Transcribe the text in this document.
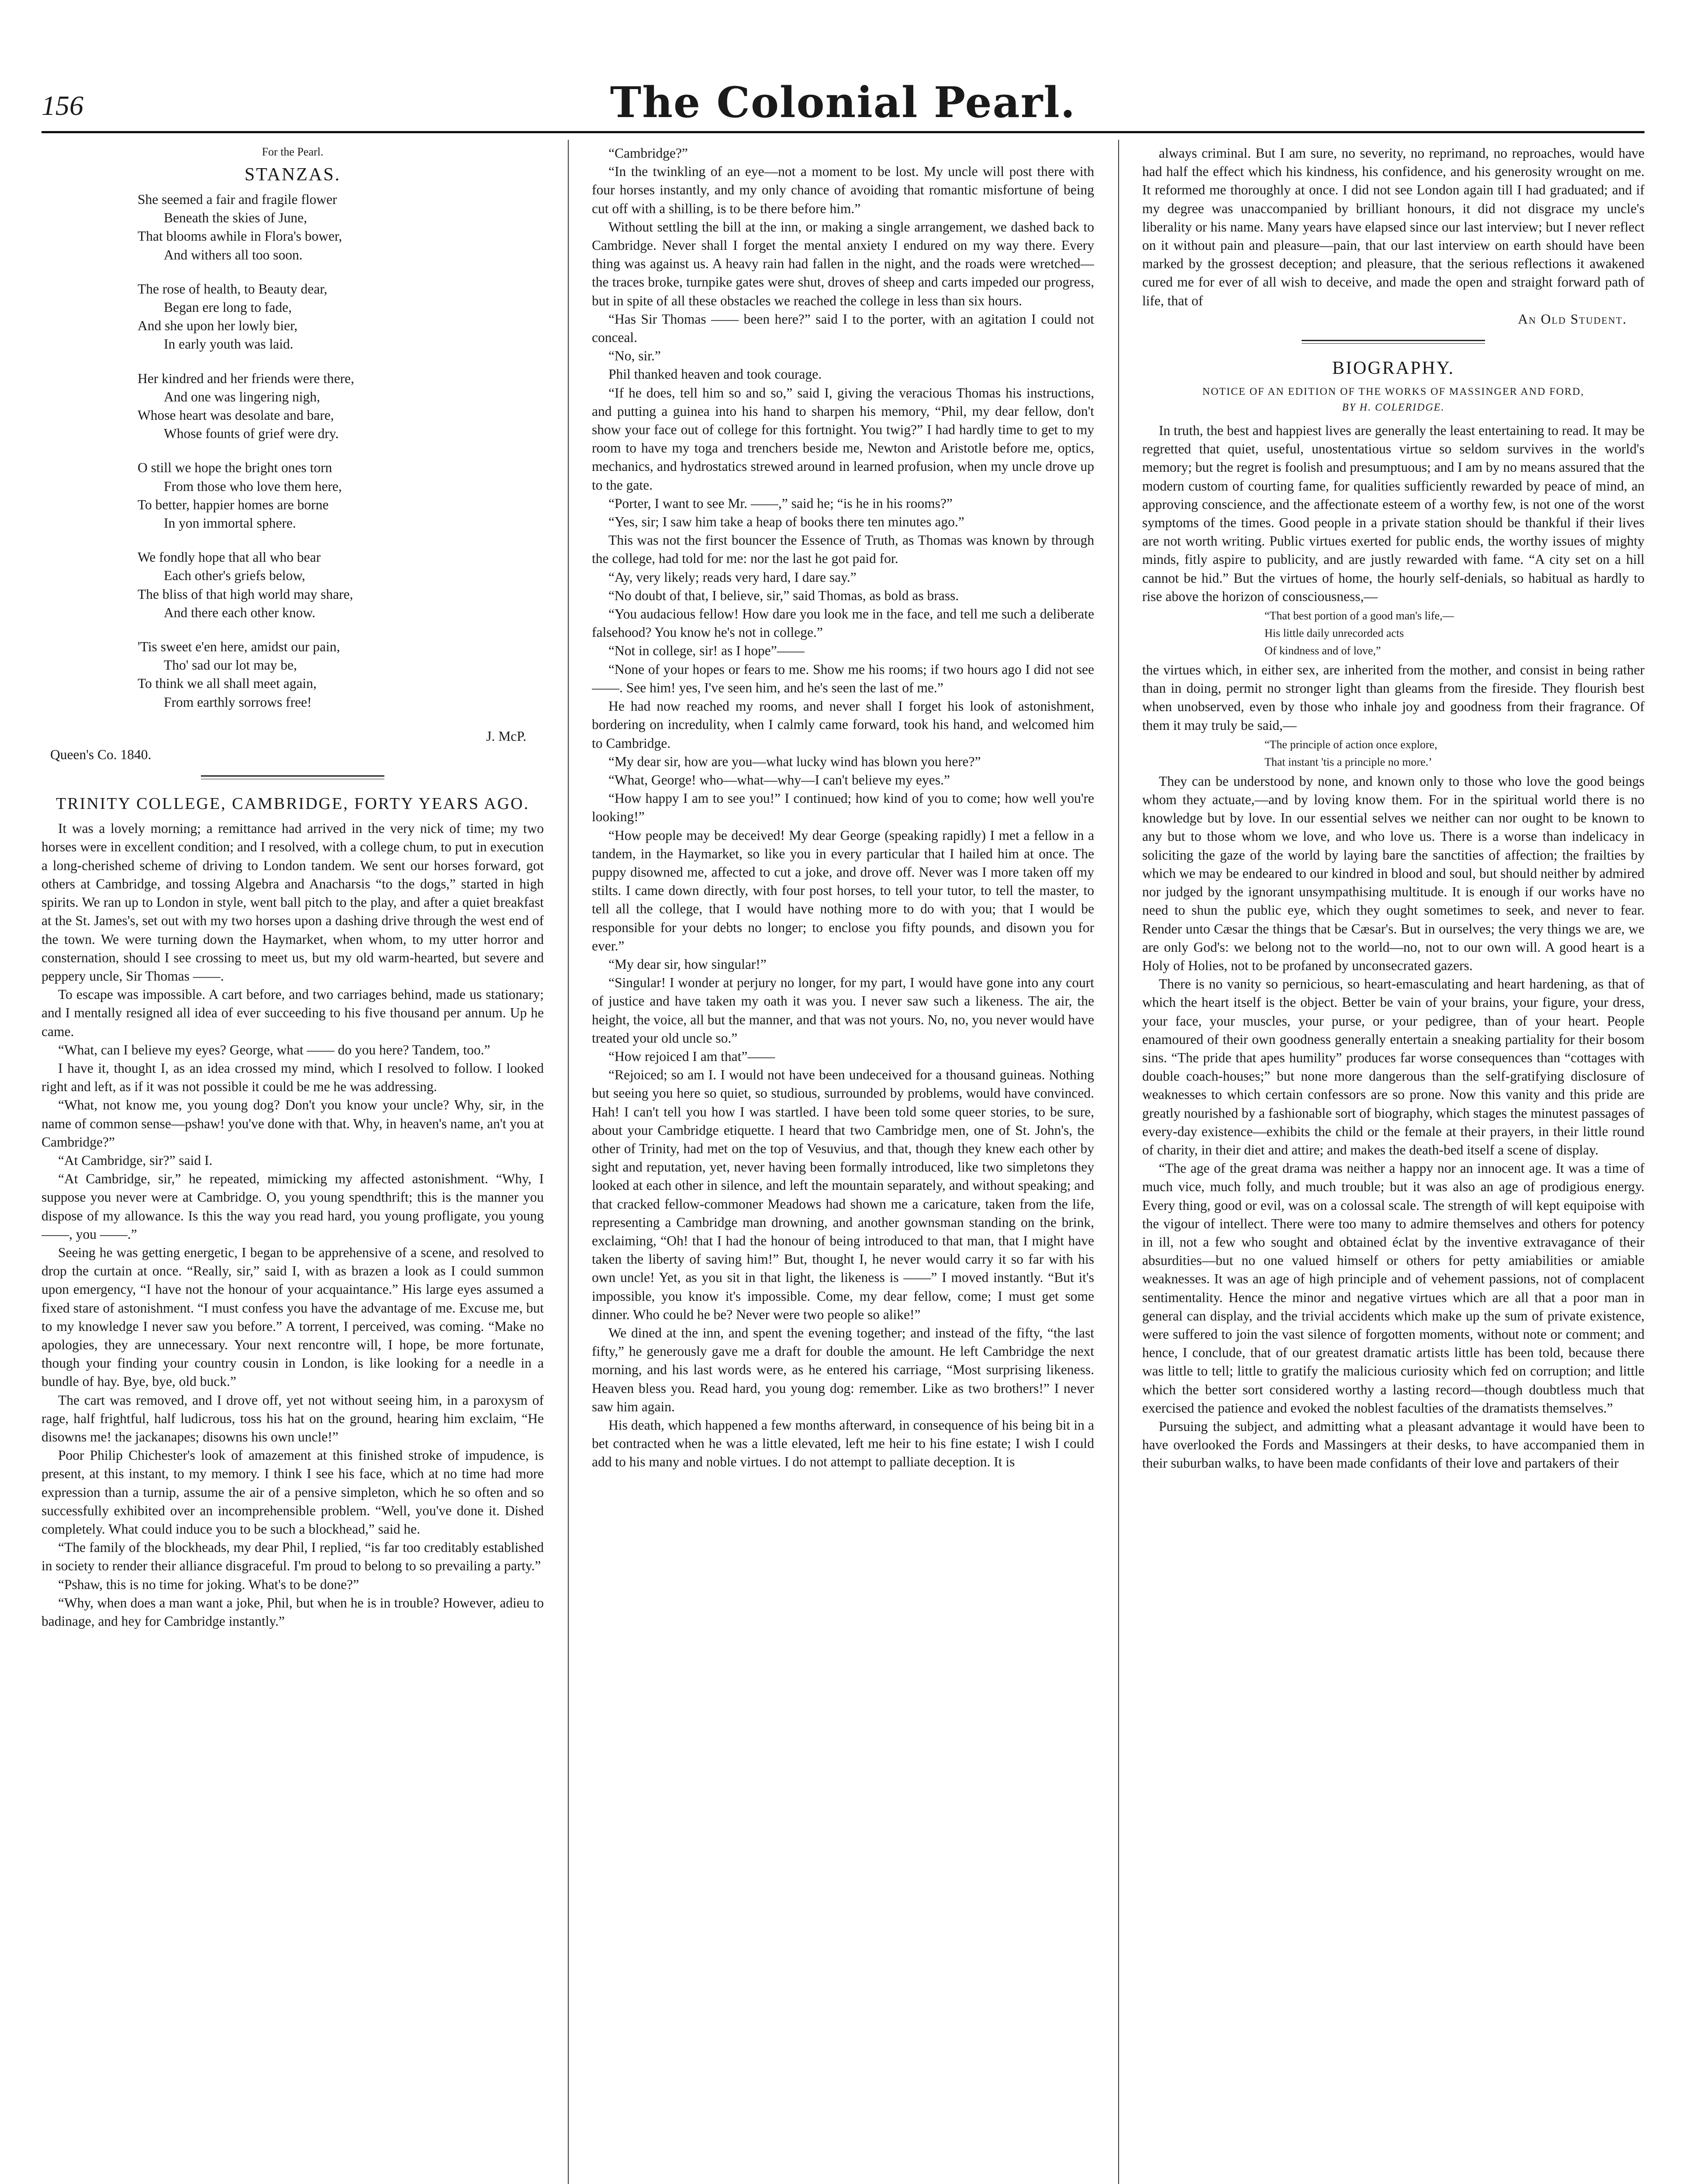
156	The Colonial Pearl.

For the Pearl.

STANZAS.
She seemed a fair and fragile flower
Beneath the skies of June,
That blooms awhile in Flora's bower,
And withers all too soon.
The rose of health, to Beauty dear,
Began ere long to fade,
And she upon her lowly bier,
In early youth was laid.
Her kindred and her friends were there,
And one was lingering nigh,
Whose heart was desolate and bare,
Whose founts of grief were dry.
O still we hope the bright ones torn
From those who love them here,
To better, happier homes are borne
In yon immortal sphere.
We fondly hope that all who bear
Each other's griefs below,
The bliss of that high world may share,
And there each other know.
'Tis sweet e'en here, amidst our pain,
Tho' sad our lot may be,
To think we all shall meet again,
From earthly sorrows free!

J. McP.

Queen's Co. 1840.

TRINITY COLLEGE, CAMBRIDGE, FORTY YEARS AGO.

It was a lovely morning; a remittance had arrived in the very nick of time; my two horses were in excellent condition; and I resolved, with a college chum, to put in execution a long-cherished scheme of driving to London tandem. We sent our horses forward, got others at Cambridge, and tossing Algebra and Anacharsis “to the dogs,” started in high spirits. We ran up to London in style, went ball pitch to the play, and after a quiet breakfast at the St. James's, set out with my two horses upon a dashing drive through the west end of the town. We were turning down the Haymarket, when whom, to my utter horror and consternation, should I see crossing to meet us, but my old warm-hearted, but severe and peppery uncle, Sir Thomas ——.

To escape was impossible. A cart before, and two carriages behind, made us stationary; and I mentally resigned all idea of ever succeeding to his five thousand per annum. Up he came.

“What, can I believe my eyes? George, what —— do you here? Tandem, too.”

I have it, thought I, as an idea crossed my mind, which I resolved to follow. I looked right and left, as if it was not possible it could be me he was addressing.

“What, not know me, you young dog? Don't you know your uncle? Why, sir, in the name of common sense—pshaw! you've done with that. Why, in heaven's name, an't you at Cambridge?”

“At Cambridge, sir?” said I.

“At Cambridge, sir,” he repeated, mimicking my affected astonishment. “Why, I suppose you never were at Cambridge. O, you young spendthrift; this is the manner you dispose of my allowance. Is this the way you read hard, you young profligate, you young ——, you ——.”

Seeing he was getting energetic, I began to be apprehensive of a scene, and resolved to drop the curtain at once. “Really, sir,” said I, with as brazen a look as I could summon upon emergency, “I have not the honour of your acquaintance.” His large eyes assumed a fixed stare of astonishment. “I must confess you have the advantage of me. Excuse me, but to my knowledge I never saw you before.” A torrent, I perceived, was coming. “Make no apologies, they are unnecessary. Your next rencontre will, I hope, be more fortunate, though your finding your country cousin in London, is like looking for a needle in a bundle of hay. Bye, bye, old buck.”

The cart was removed, and I drove off, yet not without seeing him, in a paroxysm of rage, half frightful, half ludicrous, toss his hat on the ground, hearing him exclaim, “He disowns me! the jackanapes; disowns his own uncle!”

Poor Philip Chichester's look of amazement at this finished stroke of impudence, is present, at this instant, to my memory. I think I see his face, which at no time had more expression than a turnip, assume the air of a pensive simpleton, which he so often and so successfully exhibited over an incomprehensible problem. “Well, you've done it. Dished completely. What could induce you to be such a blockhead,” said he.

“The family of the blockheads, my dear Phil, I replied, “is far too creditably established in society to render their alliance disgraceful. I'm proud to belong to so prevailing a party.”

“Pshaw, this is no time for joking. What's to be done?”

“Why, when does a man want a joke, Phil, but when he is in trouble? However, adieu to badinage, and hey for Cambridge instantly.”

“Cambridge?”

“In the twinkling of an eye—not a moment to be lost. My uncle will post there with four horses instantly, and my only chance of avoiding that romantic misfortune of being cut off with a shilling, is to be there before him.”

Without settling the bill at the inn, or making a single arrangement, we dashed back to Cambridge. Never shall I forget the mental anxiety I endured on my way there. Every thing was against us. A heavy rain had fallen in the night, and the roads were wretched—the traces broke, turnpike gates were shut, droves of sheep and carts impeded our progress, but in spite of all these obstacles we reached the college in less than six hours.

“Has Sir Thomas —— been here?” said I to the porter, with an agitation I could not conceal.

“No, sir.”

Phil thanked heaven and took courage.

“If he does, tell him so and so,” said I, giving the veracious Thomas his instructions, and putting a guinea into his hand to sharpen his memory, “Phil, my dear fellow, don't show your face out of college for this fortnight. You twig?” I had hardly time to get to my room to have my toga and trenchers beside me, Newton and Aristotle before me, optics, mechanics, and hydrostatics strewed around in learned profusion, when my uncle drove up to the gate.

“Porter, I want to see Mr. ——,” said he; “is he in his rooms?”

“Yes, sir; I saw him take a heap of books there ten minutes ago.”

This was not the first bouncer the Essence of Truth, as Thomas was known by through the college, had told for me: nor the last he got paid for.

“Ay, very likely; reads very hard, I dare say.”

“No doubt of that, I believe, sir,” said Thomas, as bold as brass.

“You audacious fellow! How dare you look me in the face, and tell me such a deliberate falsehood? You know he's not in college.”

“Not in college, sir! as I hope”——

“None of your hopes or fears to me. Show me his rooms; if two hours ago I did not see ——. See him! yes, I've seen him, and he's seen the last of me.”

He had now reached my rooms, and never shall I forget his look of astonishment, bordering on incredulity, when I calmly came forward, took his hand, and welcomed him to Cambridge.

“My dear sir, how are you—what lucky wind has blown you here?”

“What, George! who—what—why—I can't believe my eyes.”

“How happy I am to see you!” I continued; how kind of you to come; how well you're looking!”

“How people may be deceived! My dear George (speaking rapidly) I met a fellow in a tandem, in the Haymarket, so like you in every particular that I hailed him at once. The puppy disowned me, affected to cut a joke, and drove off. Never was I more taken off my stilts. I came down directly, with four post horses, to tell your tutor, to tell the master, to tell all the college, that I would have nothing more to do with you; that I would be responsible for your debts no longer; to enclose you fifty pounds, and disown you for ever.”

“My dear sir, how singular!”

“Singular! I wonder at perjury no longer, for my part, I would have gone into any court of justice and have taken my oath it was you. I never saw such a likeness. The air, the height, the voice, all but the manner, and that was not yours. No, no, you never would have treated your old uncle so.”

“How rejoiced I am that”——

“Rejoiced; so am I. I would not have been undeceived for a thousand guineas. Nothing but seeing you here so quiet, so studious, surrounded by problems, would have convinced. Hah! I can't tell you how I was startled. I have been told some queer stories, to be sure, about your Cambridge etiquette. I heard that two Cambridge men, one of St. John's, the other of Trinity, had met on the top of Vesuvius, and that, though they knew each other by sight and reputation, yet, never having been formally introduced, like two simpletons they looked at each other in silence, and left the mountain separately, and without speaking; and that cracked fellow-commoner Meadows had shown me a caricature, taken from the life, representing a Cambridge man drowning, and another gownsman standing on the brink, exclaiming, “Oh! that I had the honour of being introduced to that man, that I might have taken the liberty of saving him!” But, thought I, he never would carry it so far with his own uncle! Yet, as you sit in that light, the likeness is ——” I moved instantly. “But it's impossible, you know it's impossible. Come, my dear fellow, come; I must get some dinner. Who could he be? Never were two people so alike!”

We dined at the inn, and spent the evening together; and instead of the fifty, “the last fifty,” he generously gave me a draft for double the amount. He left Cambridge the next morning, and his last words were, as he entered his carriage, “Most surprising likeness. Heaven bless you. Read hard, you young dog: remember. Like as two brothers!” I never saw him again.

His death, which happened a few months afterward, in consequence of his being bit in a bet contracted when he was a little elevated, left me heir to his fine estate; I wish I could add to his many and noble virtues. I do not attempt to palliate deception. It is

always criminal. But I am sure, no severity, no reprimand, no reproaches, would have had half the effect which his kindness, his confidence, and his generosity wrought on me. It reformed me thoroughly at once. I did not see London again till I had graduated; and if my degree was unaccompanied by brilliant honours, it did not disgrace my uncle's liberality or his name. Many years have elapsed since our last interview; but I never reflect on it without pain and pleasure—pain, that our last interview on earth should have been marked by the grossest deception; and pleasure, that the serious reflections it awakened cured me for ever of all wish to deceive, and made the open and straight forward path of life, that of

An Old Student.

BIOGRAPHY.
NOTICE OF AN EDITION OF THE WORKS OF MASSINGER AND FORD,
BY H. COLERIDGE.

In truth, the best and happiest lives are generally the least entertaining to read. It may be regretted that quiet, useful, unostentatious virtue so seldom survives in the world's memory; but the regret is foolish and presumptuous; and I am by no means assured that the modern custom of courting fame, for qualities sufficiently rewarded by peace of mind, an approving conscience, and the affectionate esteem of a worthy few, is not one of the worst symptoms of the times. Good people in a private station should be thankful if their lives are not worth writing. Public virtues exerted for public ends, the worthy issues of mighty minds, fitly aspire to publicity, and are justly rewarded with fame. “A city set on a hill cannot be hid.” But the virtues of home, the hourly self-denials, so habitual as hardly to rise above the horizon of consciousness,—

“That best portion of a good man's life,—
His little daily unrecorded acts
Of kindness and of love,”

the virtues which, in either sex, are inherited from the mother, and consist in being rather than in doing, permit no stronger light than gleams from the fireside. They flourish best when unobserved, even by those who inhale joy and goodness from their fragrance. Of them it may truly be said,—

“The principle of action once explore,
That instant 'tis a principle no more.’

They can be understood by none, and known only to those who love the good beings whom they actuate,—and by loving know them. For in the spiritual world there is no knowledge but by love. In our essential selves we neither can nor ought to be known to any but to those whom we love, and who love us. There is a worse than indelicacy in soliciting the gaze of the world by laying bare the sanctities of affection; the frailties by which we may be endeared to our kindred in blood and soul, but should neither by admired nor judged by the ignorant unsympathising multitude. It is enough if our works have no need to shun the public eye, which they ought sometimes to seek, and never to fear. Render unto Cæsar the things that be Cæsar's. But in ourselves; the very things we are, we are only God's: we belong not to the world—no, not to our own will. A good heart is a Holy of Holies, not to be profaned by unconsecrated gazers.

There is no vanity so pernicious, so heart-emasculating and heart hardening, as that of which the heart itself is the object. Better be vain of your brains, your figure, your dress, your face, your muscles, your purse, or your pedigree, than of your heart. People enamoured of their own goodness generally entertain a sneaking partiality for their bosom sins. “The pride that apes humility” produces far worse consequences than “cottages with double coach-houses;” but none more dangerous than the self-gratifying disclosure of weaknesses to which certain confessors are so prone. Now this vanity and this pride are greatly nourished by a fashionable sort of biography, which stages the minutest passages of every-day existence—exhibits the child or the female at their prayers, in their little round of charity, in their diet and attire; and makes the death-bed itself a scene of display.

“The age of the great drama was neither a happy nor an innocent age. It was a time of much vice, much folly, and much trouble; but it was also an age of prodigious energy. Every thing, good or evil, was on a colossal scale. The strength of will kept equipoise with the vigour of intellect. There were too many to admire themselves and others for potency in ill, not a few who sought and obtained éclat by the inventive extravagance of their absurdities—but no one valued himself or others for petty amiabilities or amiable weaknesses. It was an age of high principle and of vehement passions, not of complacent sentimentality. Hence the minor and negative virtues which are all that a poor man in general can display, and the trivial accidents which make up the sum of private existence, were suffered to join the vast silence of forgotten moments, without note or comment; and hence, I conclude, that of our greatest dramatic artists little has been told, because there was little to tell; little to gratify the malicious curiosity which fed on corruption; and little which the better sort considered worthy a lasting record—though doubtless much that exercised the patience and evoked the noblest faculties of the dramatists themselves.”

Pursuing the subject, and admitting what a pleasant advantage it would have been to have overlooked the Fords and Massingers at their desks, to have accompanied them in their suburban walks, to have been made confidants of their love and partakers of their
